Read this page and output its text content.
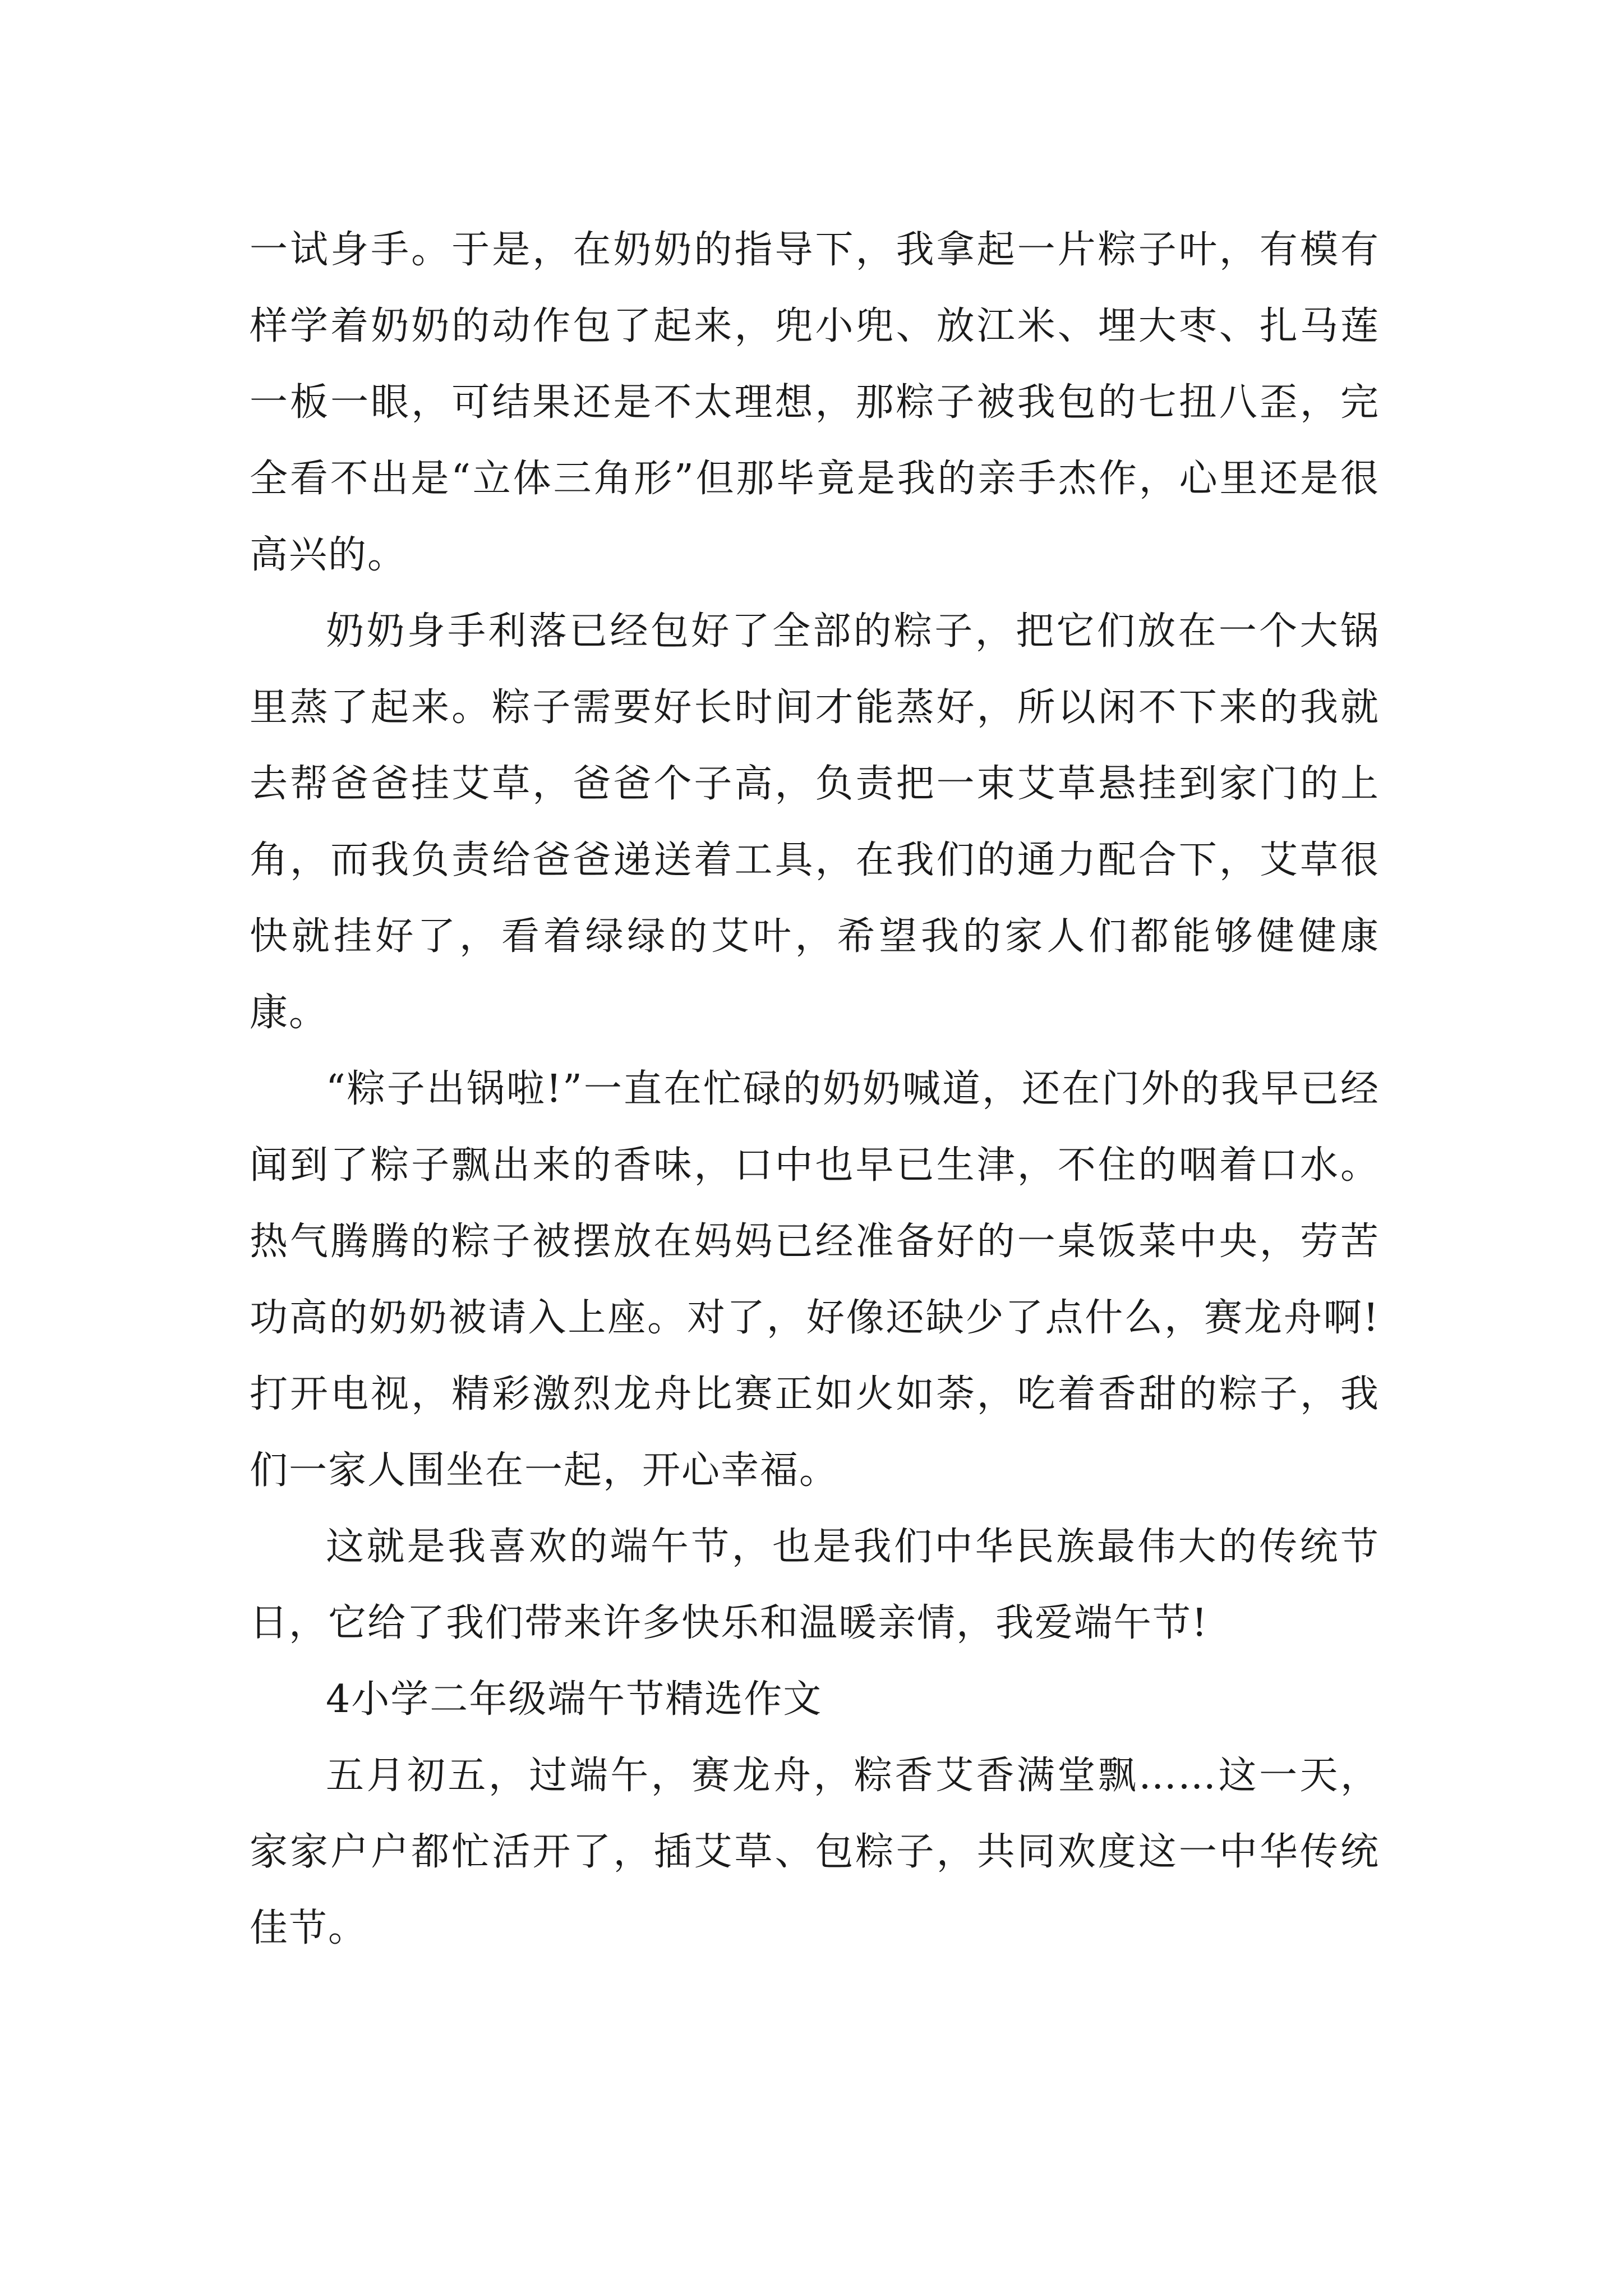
一试身手。于是，在奶奶的指导下，我拿起一片粽子叶，有模有样学着奶奶的动作包了起来，兜小兜、放江米、埋大枣、扎马莲一板一眼，可结果还是不太理想，那粽子被我包的七扭八歪，完全看不出是“立体三角形”但那毕竟是我的亲手杰作，心里还是很高兴的。

奶奶身手利落已经包好了全部的粽子，把它们放在一个大锅里蒸了起来。粽子需要好长时间才能蒸好，所以闲不下来的我就去帮爸爸挂艾草，爸爸个子高，负责把一束艾草悬挂到家门的上角，而我负责给爸爸递送着工具，在我们的通力配合下，艾草很快就挂好了，看着绿绿的艾叶，希望我的家人们都能够健健康康。

“粽子出锅啦!”一直在忙碌的奶奶喊道，还在门外的我早已经闻到了粽子飘出来的香味，口中也早已生津，不住的咽着口水。热气腾腾的粽子被摆放在妈妈已经准备好的一桌饭菜中央，劳苦功高的奶奶被请入上座。对了，好像还缺少了点什么，赛龙舟啊!打开电视，精彩激烈龙舟比赛正如火如荼，吃着香甜的粽子，我们一家人围坐在一起，开心幸福。

这就是我喜欢的端午节，也是我们中华民族最伟大的传统节日，它给了我们带来许多快乐和温暖亲情，我爱端午节!

4小学二年级端午节精选作文

五月初五，过端午，赛龙舟，粽香艾香满堂飘……这一天，家家户户都忙活开了，插艾草、包粽子，共同欢度这一中华传统佳节。
